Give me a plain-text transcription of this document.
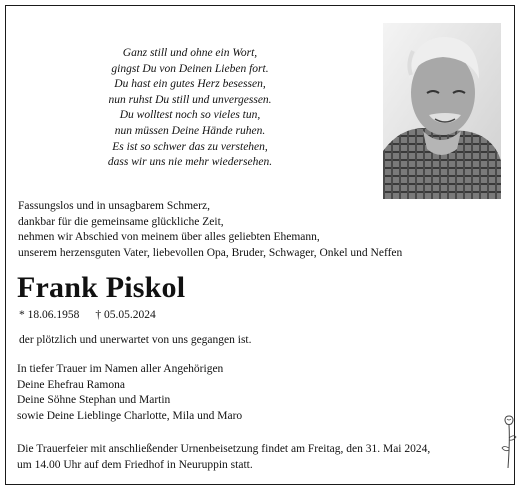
Ganz still und ohne ein Wort,
gingst Du von Deinen Lieben fort.
Du hast ein gutes Herz besessen,
nun ruhst Du still und unvergessen.
Du wolltest noch so vieles tun,
nun müssen Deine Hände ruhen.
Es ist so schwer das zu verstehen,
dass wir uns nie mehr wiedersehen.
Fassungslos und in unsagbarem Schmerz,
dankbar für die gemeinsame glückliche Zeit,
nehmen wir Abschied von meinem über alles geliebten Ehemann,
unserem herzensguten Vater, liebevollen Opa, Bruder, Schwager, Onkel und Neffen
Frank Piskol
* 18.06.1958 † 05.05.2024
der plötzlich und unerwartet von uns gegangen ist.
In tiefer Trauer im Namen aller Angehörigen
Deine Ehefrau Ramona
Deine Söhne Stephan und Martin
sowie Deine Lieblinge Charlotte, Mila und Maro
Die Trauerfeier mit anschließender Urnenbeisetzung findet am Freitag, den 31. Mai 2024,
um 14.00 Uhr auf dem Friedhof in Neuruppin statt.
